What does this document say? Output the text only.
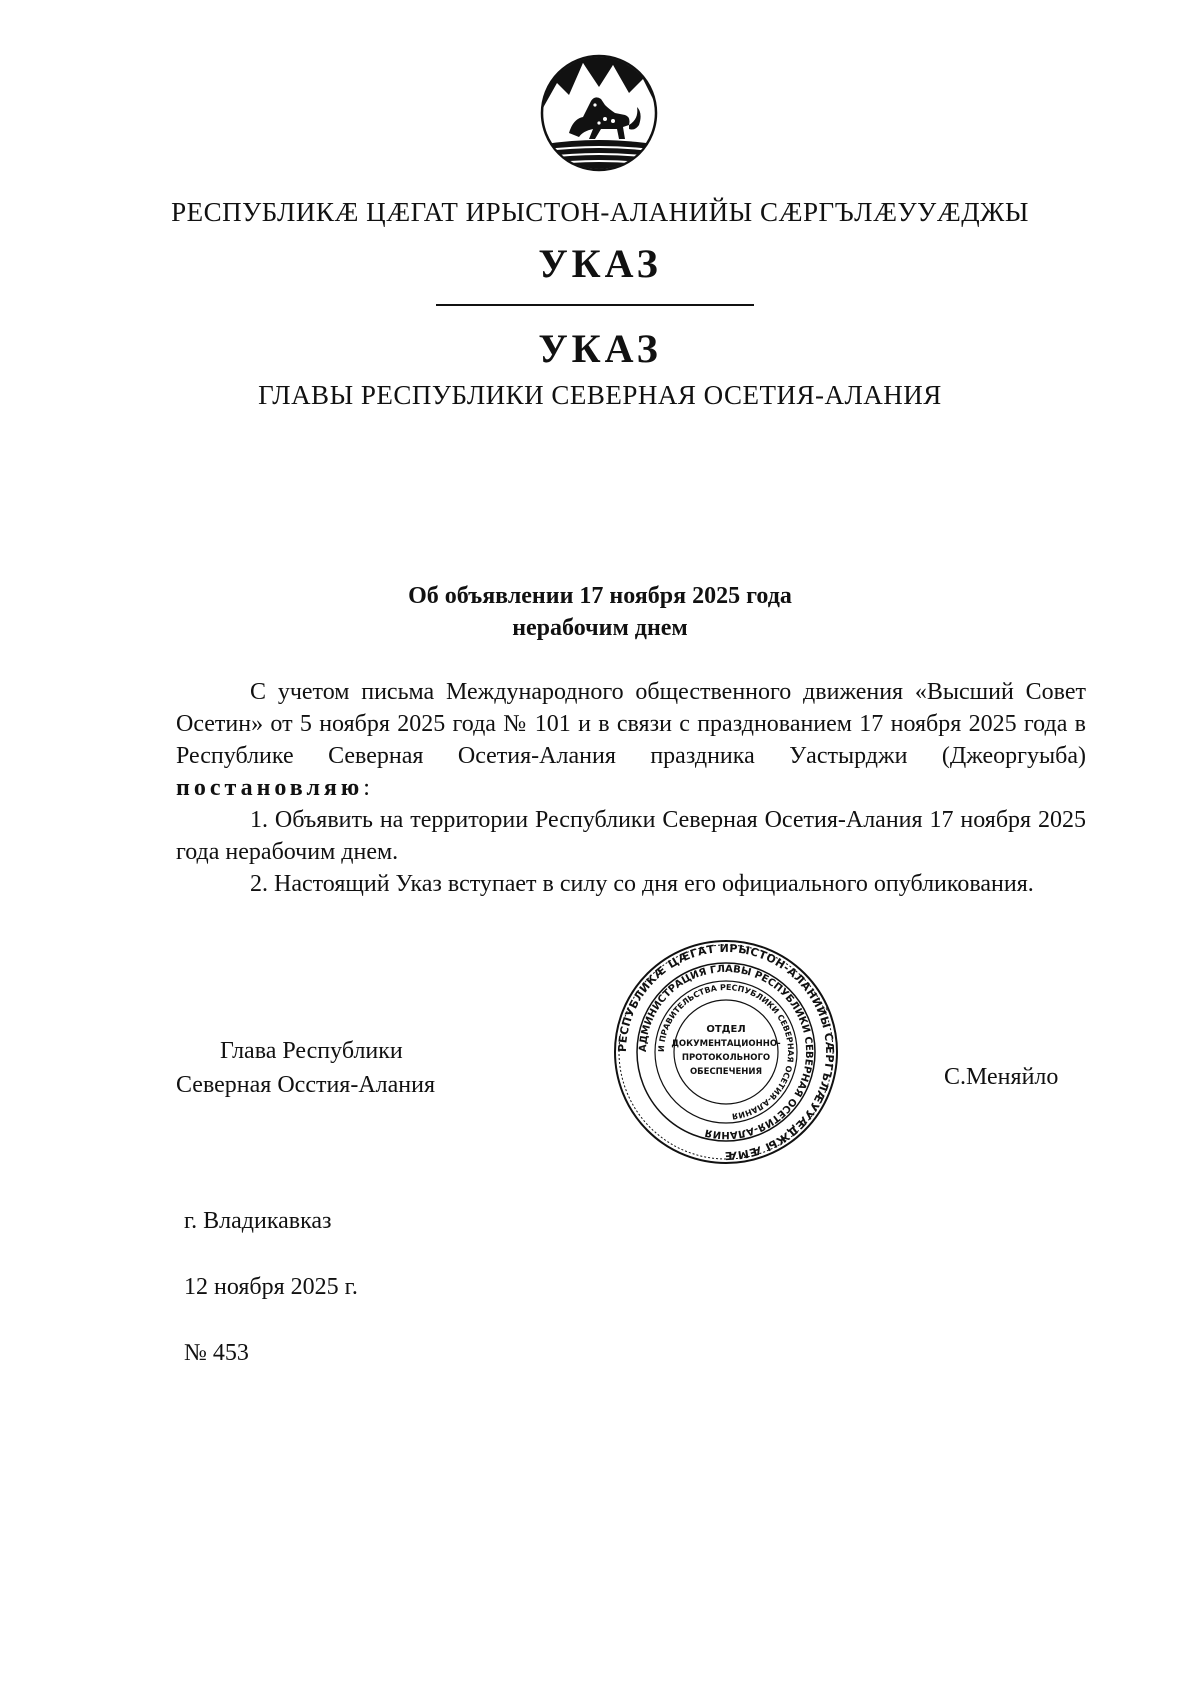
РЕСПУБЛИКÆ ЦÆГАТ ИРЫСТОН-АЛАНИЙЫ СÆРГЪЛÆУУÆДЖЫ
УКАЗ
УКАЗ
ГЛАВЫ РЕСПУБЛИКИ СЕВЕРНАЯ ОСЕТИЯ-АЛАНИЯ
Об объявлении 17 ноября 2025 года
нерабочим днем

С учетом письма Международного общественного движения «Высший Совет Осетин» от 5 ноября 2025 года № 101 и в связи с празднованием 17 ноября 2025 года в Республике Северная Осетия-Алания праздника Уастырджи (Джеоргуыба) постановляю:

1. Объявить на территории Республики Северная Осетия-Алания 17 ноября 2025 года нерабочим днем.

2. Настоящий Указ вступает в силу со дня его официального опубликования.

Глава Республики
Северная Осстия-Алания
РЕСПУБЛИКÆ ЦÆГАТ ИРЫСТОН-АЛАНИЙЫ СÆРГЪЛÆУУÆДЖЫ ÆМÆ
АДМИНИСТРАЦИЯ ГЛАВЫ РЕСПУБЛИКИ СЕВЕРНАЯ ОСЕТИЯ-АЛАНИЯ
И ПРАВИТЕЛЬСТВА РЕСПУБЛИКИ СЕВЕРНАЯ ОСЕТИЯ-АЛАНИЯ
ОТДЕЛ
ДОКУМЕНТАЦИОННО-
ПРОТОКОЛЬНОГО
ОБЕСПЕЧЕНИЯ	С.Меняйло
г. Владикавказ
12 ноября 2025 г.
№ 453
